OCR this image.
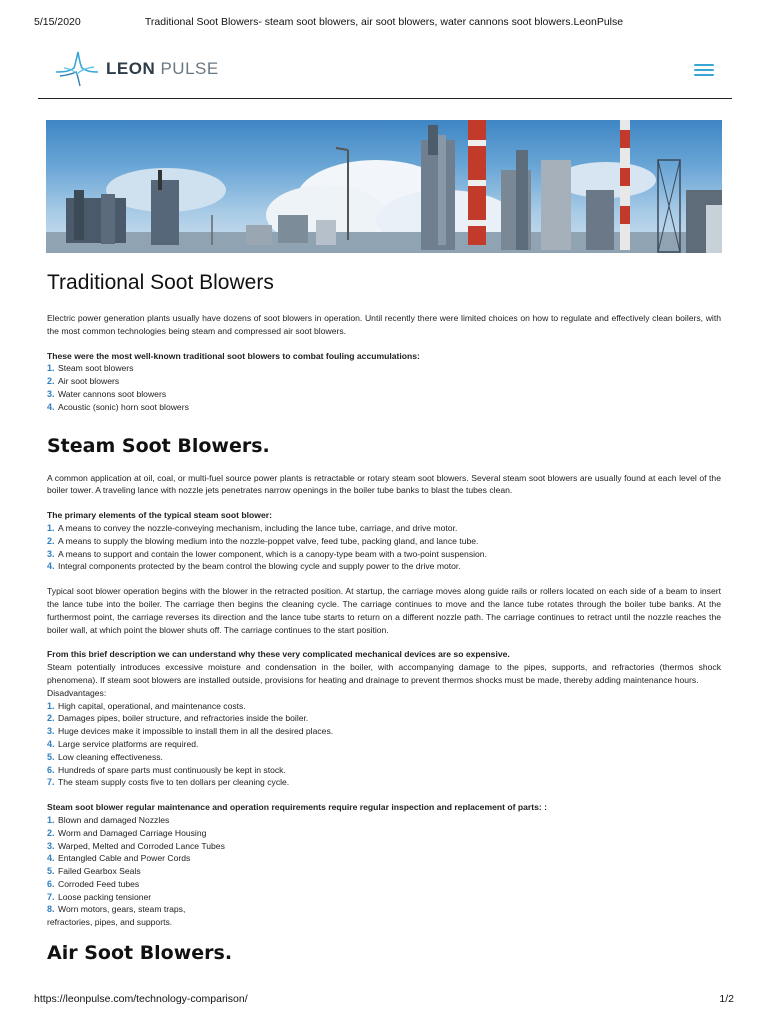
5/15/2020	Traditional Soot Blowers- steam soot blowers, air soot blowers, water cannons soot blowers.LeonPulse
LEON PULSE
Traditional Soot Blowers

Electric power generation plants usually have dozens of soot blowers in operation. Until recently there were limited choices on how to regulate and effectively clean boilers, with the most common technologies being steam and compressed air soot blowers.

These were the most well-known traditional soot blowers to combat fouling accumulations:

1. Steam soot blowers
2. Air soot blowers
3. Water cannons soot blowers
4. Acoustic (sonic) horn soot blowers
Steam Soot Blowers.

A common application at oil, coal, or multi-fuel source power plants is retractable or rotary steam soot blowers. Several steam soot blowers are usually found at each level of the boiler tower. A traveling lance with nozzle jets penetrates narrow openings in the boiler tube banks to blast the tubes clean.

The primary elements of the typical steam soot blower:

1. A means to convey the nozzle-conveying mechanism, including the lance tube, carriage, and drive motor.
2. A means to supply the blowing medium into the nozzle-poppet valve, feed tube, packing gland, and lance tube.
3. A means to support and contain the lower component, which is a canopy-type beam with a two-point suspension.
4. Integral components protected by the beam control the blowing cycle and supply power to the drive motor.

Typical soot blower operation begins with the blower in the retracted position. At startup, the carriage moves along guide rails or rollers located on each side of a beam to insert the lance tube into the boiler. The carriage then begins the cleaning cycle. The carriage continues to move and the lance tube rotates through the boiler tube banks. At the furthermost point, the carriage reverses its direction and the lance tube starts to return on a different nozzle path. The carriage continues to retract until the nozzle reaches the boiler wall, at which point the blower shuts off. The carriage continues to the start position.

From this brief description we can understand why these very complicated mechanical devices are so expensive.

Steam potentially introduces excessive moisture and condensation in the boiler, with accompanying damage to the pipes, supports, and refractories (thermos shock phenomena). If steam soot blowers are installed outside, provisions for heating and drainage to prevent thermos shocks must be made, thereby adding maintenance hours.

Disadvantages:

1. High capital, operational, and maintenance costs.
2. Damages pipes, boiler structure, and refractories inside the boiler.
3. Huge devices make it impossible to install them in all the desired places.
4. Large service platforms are required.
5. Low cleaning effectiveness.
6. Hundreds of spare parts must continuously be kept in stock.
7. The steam supply costs five to ten dollars per cleaning cycle.

Steam soot blower regular maintenance and operation requirements require regular inspection and replacement of parts: :

1. Blown and damaged Nozzles
2. Worm and Damaged Carriage Housing
3. Warped, Melted and Corroded Lance Tubes
4. Entangled Cable and Power Cords
5. Failed Gearbox Seals
6. Corroded Feed tubes
7. Loose packing tensioner
8. Worn motors, gears, steam traps,

refractories, pipes, and supports.

Air Soot Blowers.
https://leonpulse.com/technology-comparison/	1/2
